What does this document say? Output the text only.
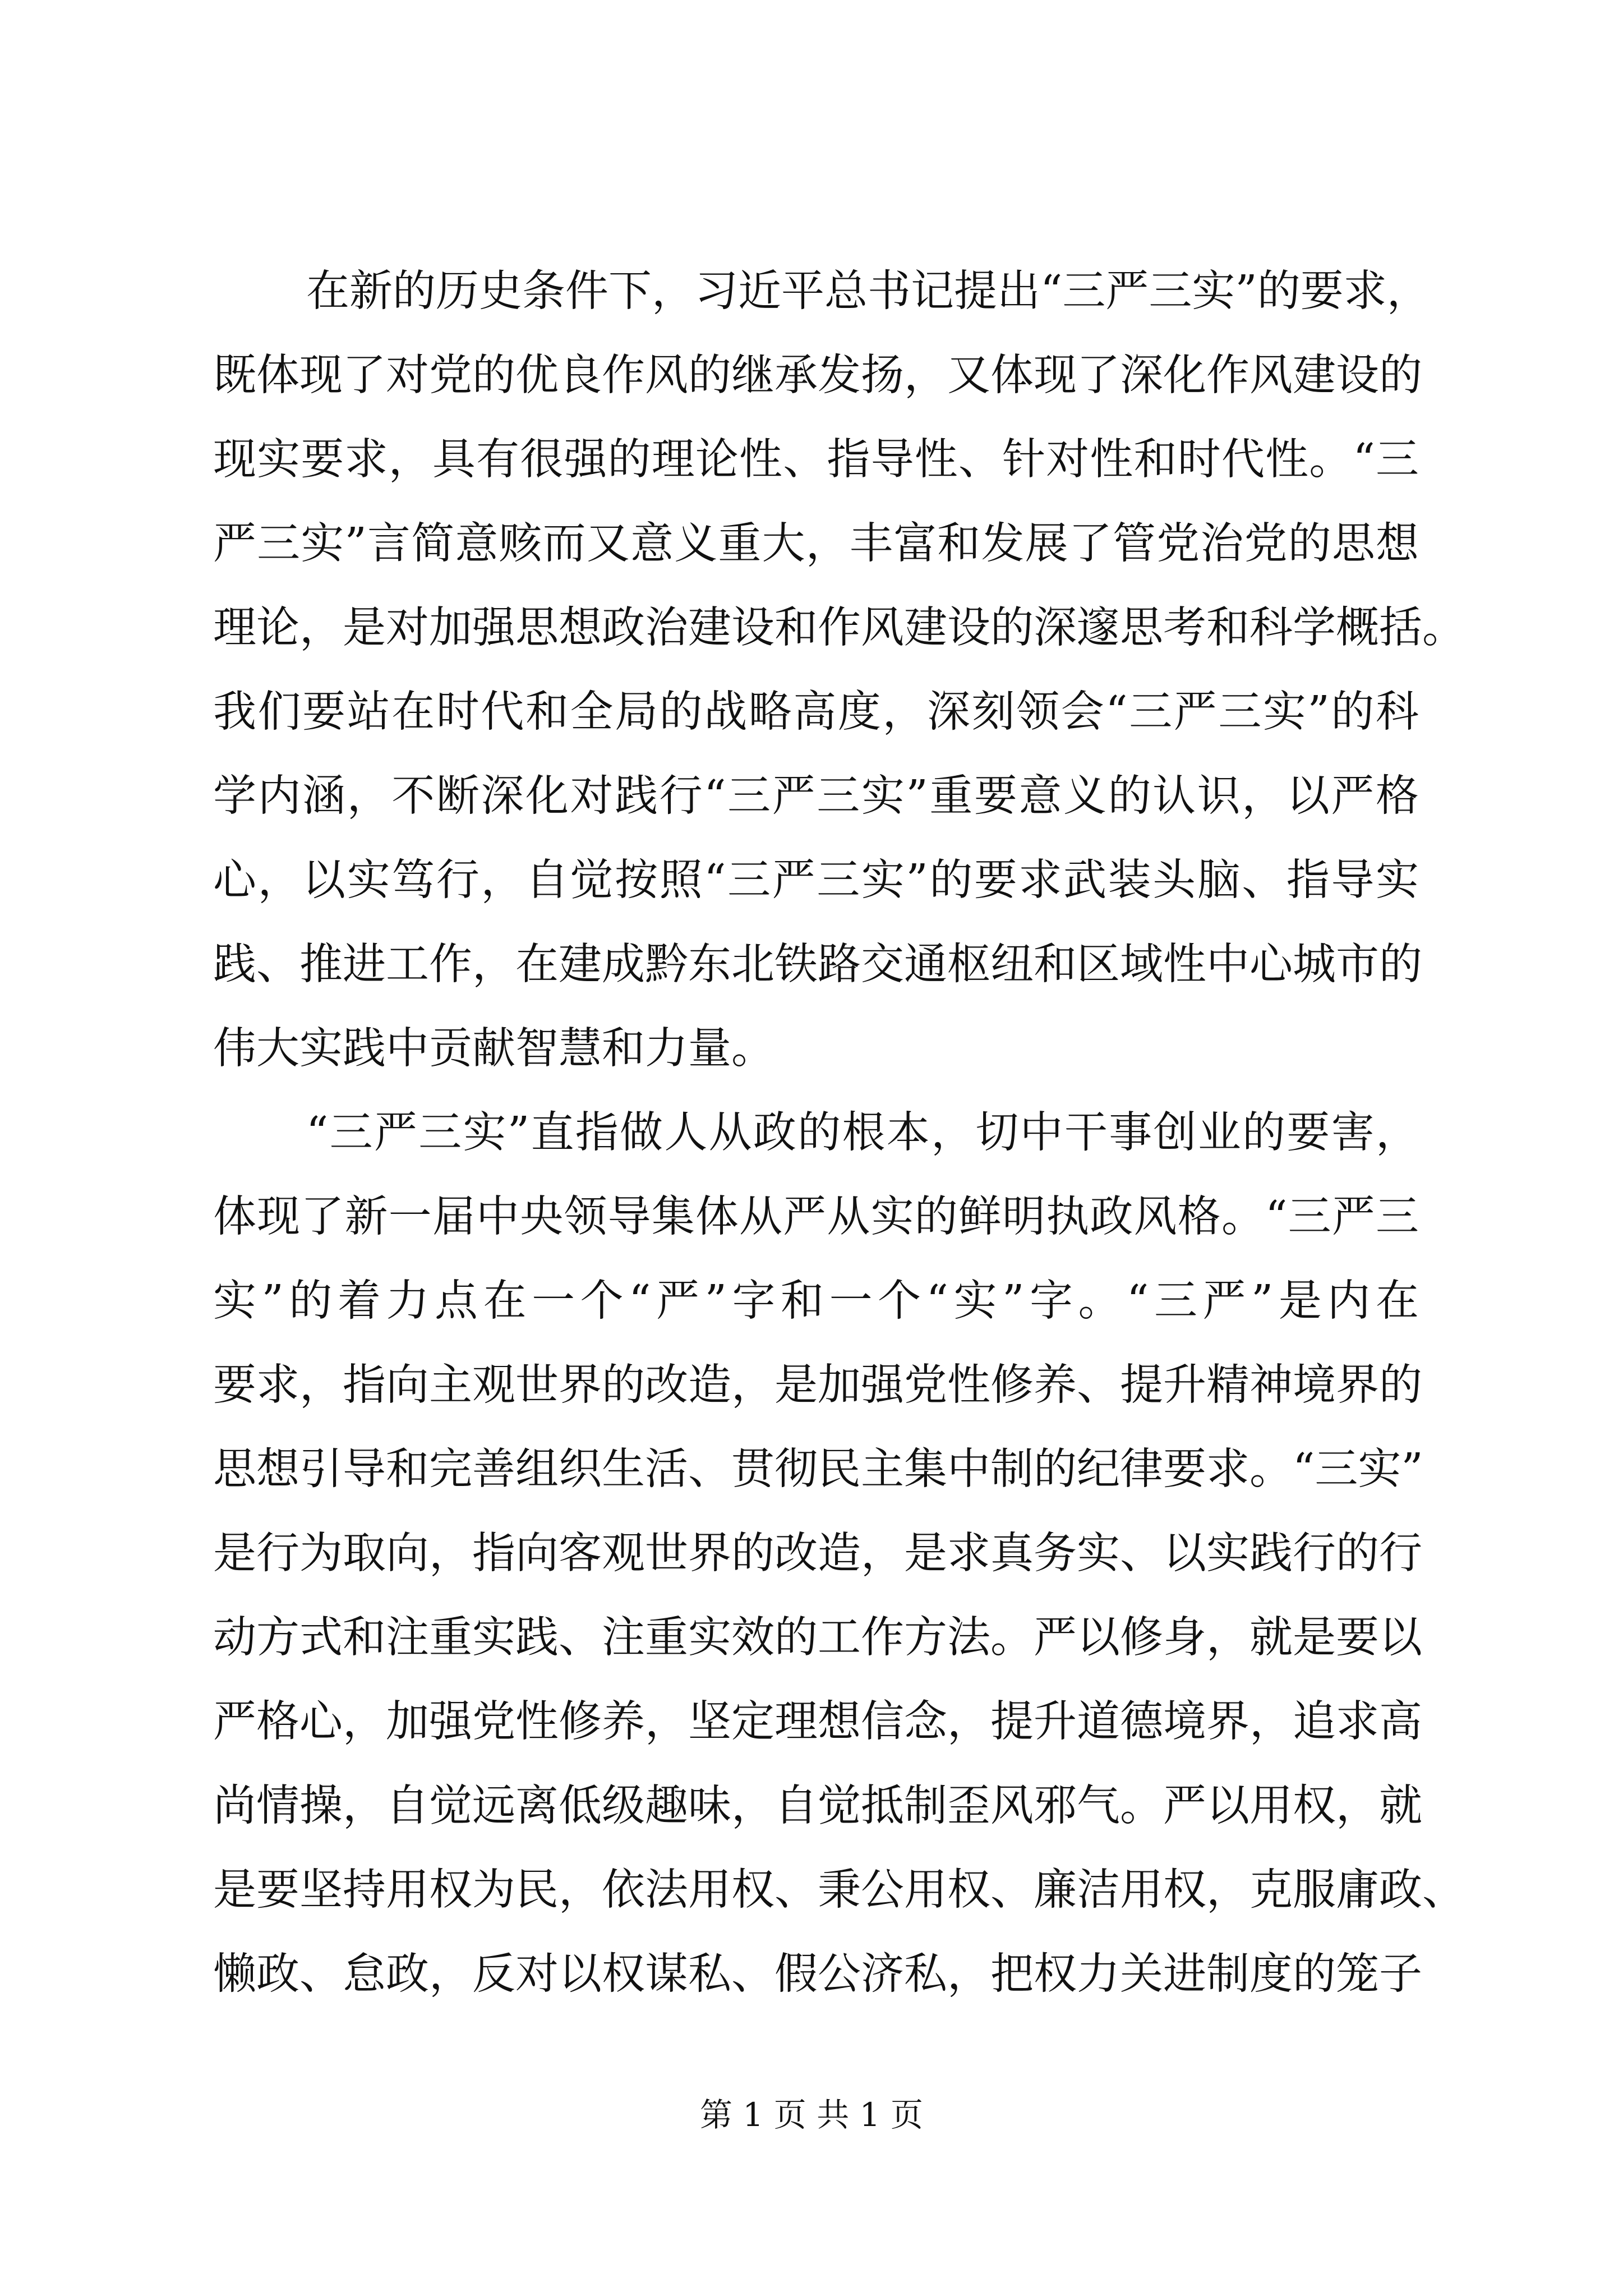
在新的历史条件下，习近平总书记提出“三严三实”的要求，
既体现了对党的优良作风的继承发扬，又体现了深化作风建设的
现实要求，具有很强的理论性、指导性、针对性和时代性。“三
严三实”言简意赅而又意义重大，丰富和发展了管党治党的思想
理论，是对加强思想政治建设和作风建设的深邃思考和科学概括。
我们要站在时代和全局的战略高度，深刻领会“三严三实”的科
学内涵，不断深化对践行“三严三实”重要意义的认识，以严格
心，以实笃行，自觉按照“三严三实”的要求武装头脑、指导实
践、推进工作，在建成黔东北铁路交通枢纽和区域性中心城市的
伟大实践中贡献智慧和力量。
“三严三实”直指做人从政的根本，切中干事创业的要害，
体现了新一届中央领导集体从严从实的鲜明执政风格。“三严三
实”的着力点在一个“严”字和一个“实”字。“三严”是内在
要求，指向主观世界的改造，是加强党性修养、提升精神境界的
思想引导和完善组织生活、贯彻民主集中制的纪律要求。“三实”
是行为取向，指向客观世界的改造，是求真务实、以实践行的行
动方式和注重实践、注重实效的工作方法。严以修身，就是要以
严格心，加强党性修养，坚定理想信念，提升道德境界，追求高
尚情操，自觉远离低级趣味，自觉抵制歪风邪气。严以用权，就
是要坚持用权为民，依法用权、秉公用权、廉洁用权，克服庸政、
懒政、怠政，反对以权谋私、假公济私，把权力关进制度的笼子
第 1 页 共 1 页
